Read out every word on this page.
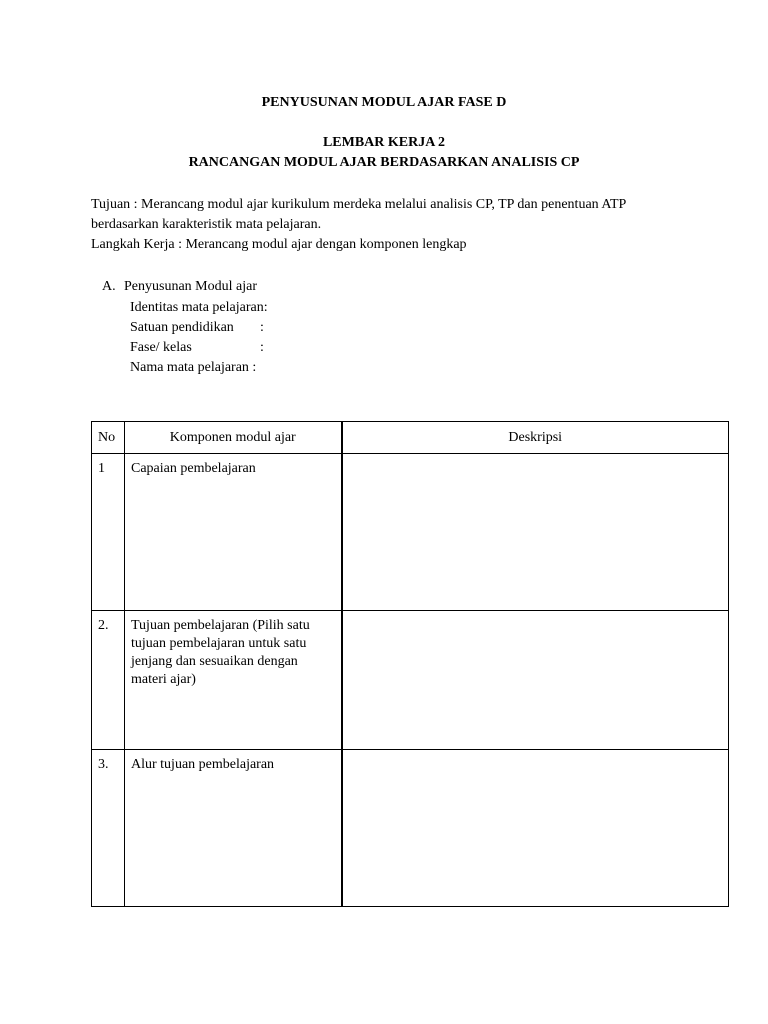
PENYUSUNAN MODUL AJAR FASE D
LEMBAR KERJA 2
RANCANGAN MODUL AJAR BERDASARKAN ANALISIS CP
Tujuan : Merancang modul ajar kurikulum merdeka melalui analisis CP, TP dan penentuan ATP
berdasarkan karakteristik mata pelajaran.
Langkah Kerja : Merancang modul ajar dengan komponen lengkap
A. Penyusunan Modul ajar
Identitas mata pelajaran:
Satuan pendidikan :
Fase/ kelas	:
Nama mata pelajaran :
No	Komponen modul ajar	Deskripsi
1	Capaian pembelajaran	
2.	Tujuan pembelajaran (Pilih satu tujuan pembelajaran untuk satu jenjang dan sesuaikan dengan materi ajar)	
3.	Alur tujuan pembelajaran	
